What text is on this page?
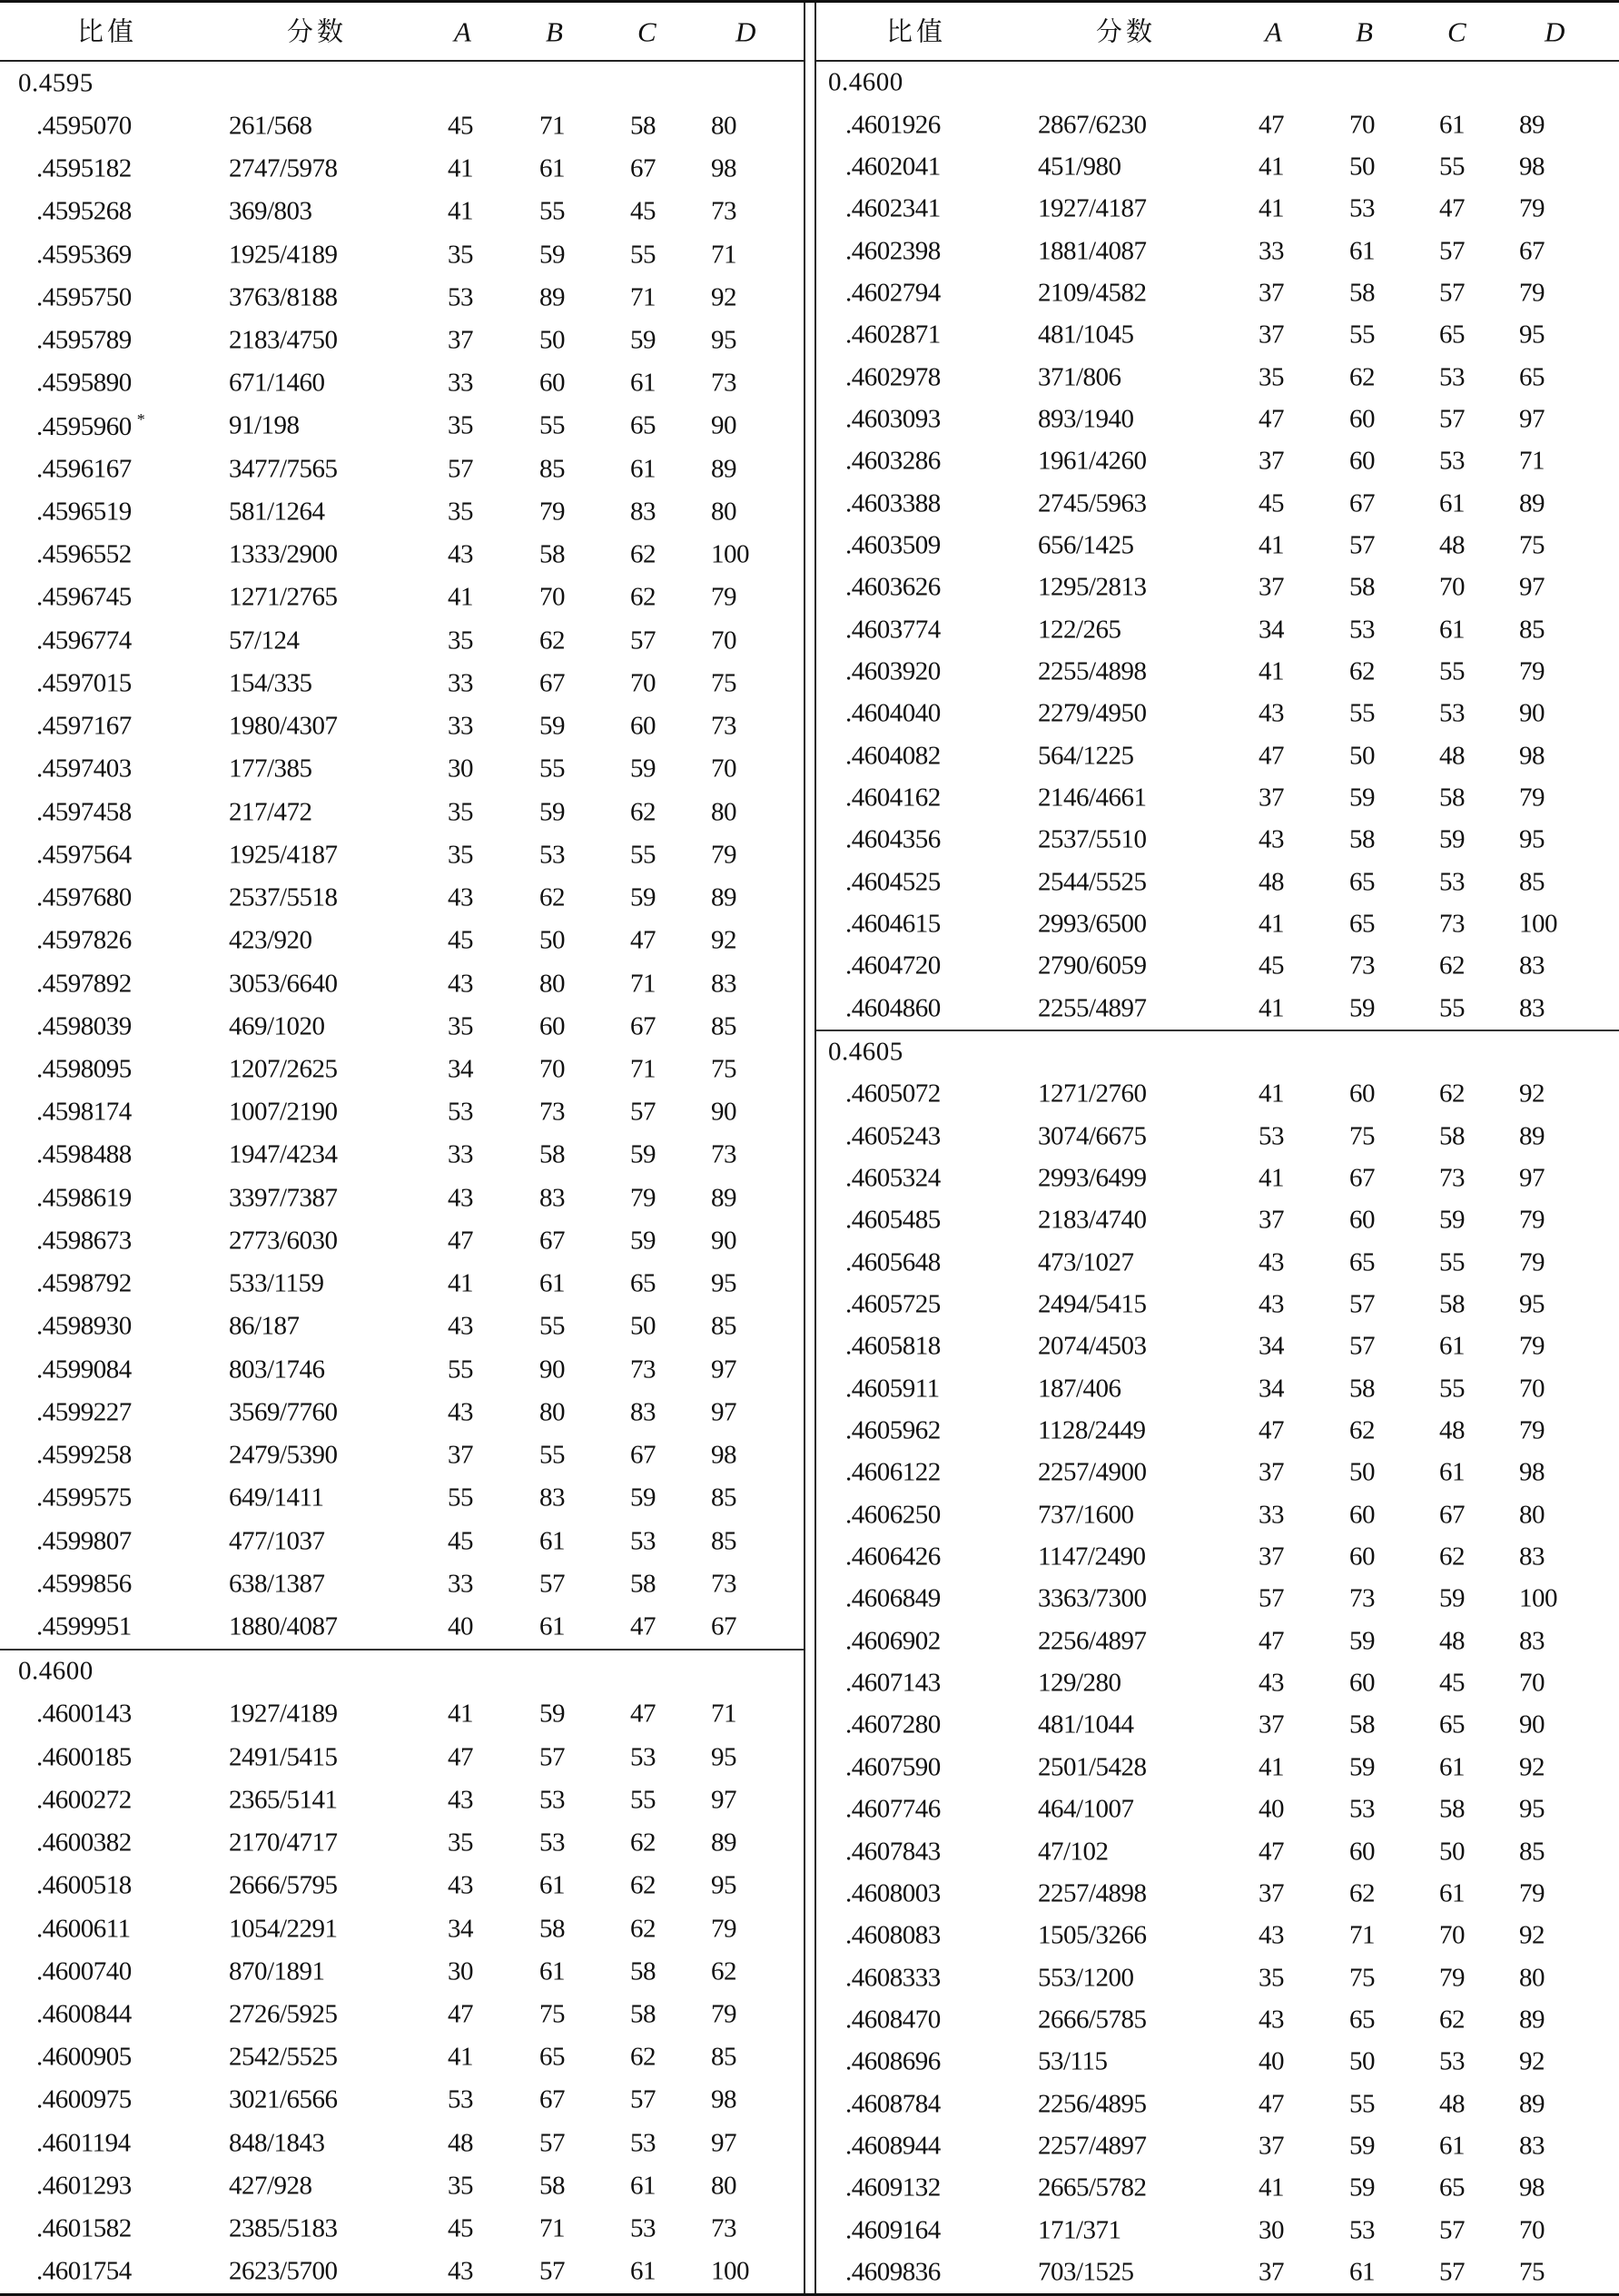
比值	分数	A	B	C	D
0.4595
.4595070	261/568	45	71 58 80
.4595182	2747/5978	41	61 67 98
.4595268	369/803	41	55 45 73
.4595369	1925/4189	35	59 55 71
.4595750	3763/8188	53	89 71 92
.4595789	2183/4750	37	50 59 95
.4595890	671/1460	33	60 61 73
.4595960 *	91/198	35	55 65 90
.4596167	3477/7565	57	85 61 89
.4596519	581/1264	35	79 83 80
.4596552	1333/2900	43	58 62 100
.4596745	1271/2765	41	70 62 79
.4596774	57/124	35	62 57 70
.4597015	154/335	33	67 70 75
.4597167	1980/4307	33	59 60 73
.4597403	177/385	30	55 59 70
.4597458	217/472	35	59 62 80
.4597564	1925/4187	35	53 55 79
.4597680	2537/5518	43	62 59 89
.4597826	423/920	45	50 47 92
.4597892	3053/6640	43	80 71 83
.4598039	469/1020	35	60 67 85
.4598095	1207/2625	34	70 71 75
.4598174	1007/2190	53	73 57 90
.4598488	1947/4234	33	58 59 73
.4598619	3397/7387	43	83 79 89
.4598673	2773/6030	47	67 59 90
.4598792	533/1159	41	61 65 95
.4598930	86/187	43	55 50 85
.4599084	803/1746	55	90 73 97
.4599227	3569/7760	43	80 83 97
.4599258	2479/5390	37	55 67 98
.4599575	649/1411	55	83 59 85
.4599807	477/1037	45	61 53 85
.4599856	638/1387	33	57 58 73
.4599951	1880/4087	40	61 47 67
0.4600
.4600143	1927/4189	41	59 47 71
.4600185	2491/5415	47	57 53 95
.4600272	2365/5141	43	53 55 97
.4600382	2170/4717	35	53 62 89
.4600518	2666/5795	43	61 62 95
.4600611	1054/2291	34	58 62 79
.4600740	870/1891	30	61 58 62
.4600844	2726/5925	47	75 58 79
.4600905	2542/5525	41	65 62 85
.4600975	3021/6566	53	67 57 98
.4601194	848/1843	48	57 53 97
.4601293	427/928	35	58 61 80
.4601582	2385/5183	45	71 53 73
.4601754	2623/5700	43	57 61 100
比值	分数	A	B	C	D
0.4600
.4601926	2867/6230	47 70 61 89
.4602041	451/980	41 50 55 98
.4602341	1927/4187	41 53 47 79
.4602398	1881/4087	33 61 57 67
.4602794	2109/4582	37 58 57 79
.4602871	481/1045	37 55 65 95
.4602978	371/806	35 62 53 65
.4603093	893/1940	47 60 57 97
.4603286	1961/4260	37 60 53 71
.4603388	2745/5963	45 67 61 89
.4603509	656/1425	41 57 48 75
.4603626	1295/2813	37 58 70 97
.4603774	122/265	34 53 61 85
.4603920	2255/4898	41 62 55 79
.4604040	2279/4950	43 55 53 90
.4604082	564/1225	47 50 48 98
.4604162	2146/4661	37 59 58 79
.4604356	2537/5510	43 58 59 95
.4604525	2544/5525	48 65 53 85
.4604615	2993/6500	41 65 73 100
.4604720	2790/6059	45 73 62 83
.4604860	2255/4897	41 59 55 83
0.4605
.4605072	1271/2760	41 60 62 92
.4605243	3074/6675	53 75 58 89
.4605324	2993/6499	41 67 73 97
.4605485	2183/4740	37 60 59 79
.4605648	473/1027	43 65 55 79
.4605725	2494/5415	43 57 58 95
.4605818	2074/4503	34 57 61 79
.4605911	187/406	34 58 55 70
.4605962	1128/2449	47 62 48 79
.4606122	2257/4900	37 50 61 98
.4606250	737/1600	33 60 67 80
.4606426	1147/2490	37 60 62 83
.4606849	3363/7300	57 73 59 100
.4606902	2256/4897	47 59 48 83
.4607143	129/280	43 60 45 70
.4607280	481/1044	37 58 65 90
.4607590	2501/5428	41 59 61 92
.4607746	464/1007	40 53 58 95
.4607843	47/102	47 60 50 85
.4608003	2257/4898	37 62 61 79
.4608083	1505/3266	43 71 70 92
.4608333	553/1200	35 75 79 80
.4608470	2666/5785	43 65 62 89
.4608696	53/115	40 50 53 92
.4608784	2256/4895	47 55 48 89
.4608944	2257/4897	37 59 61 83
.4609132	2665/5782	41 59 65 98
.4609164	171/371	30 53 57 70
.4609836	703/1525	37 61 57 75
